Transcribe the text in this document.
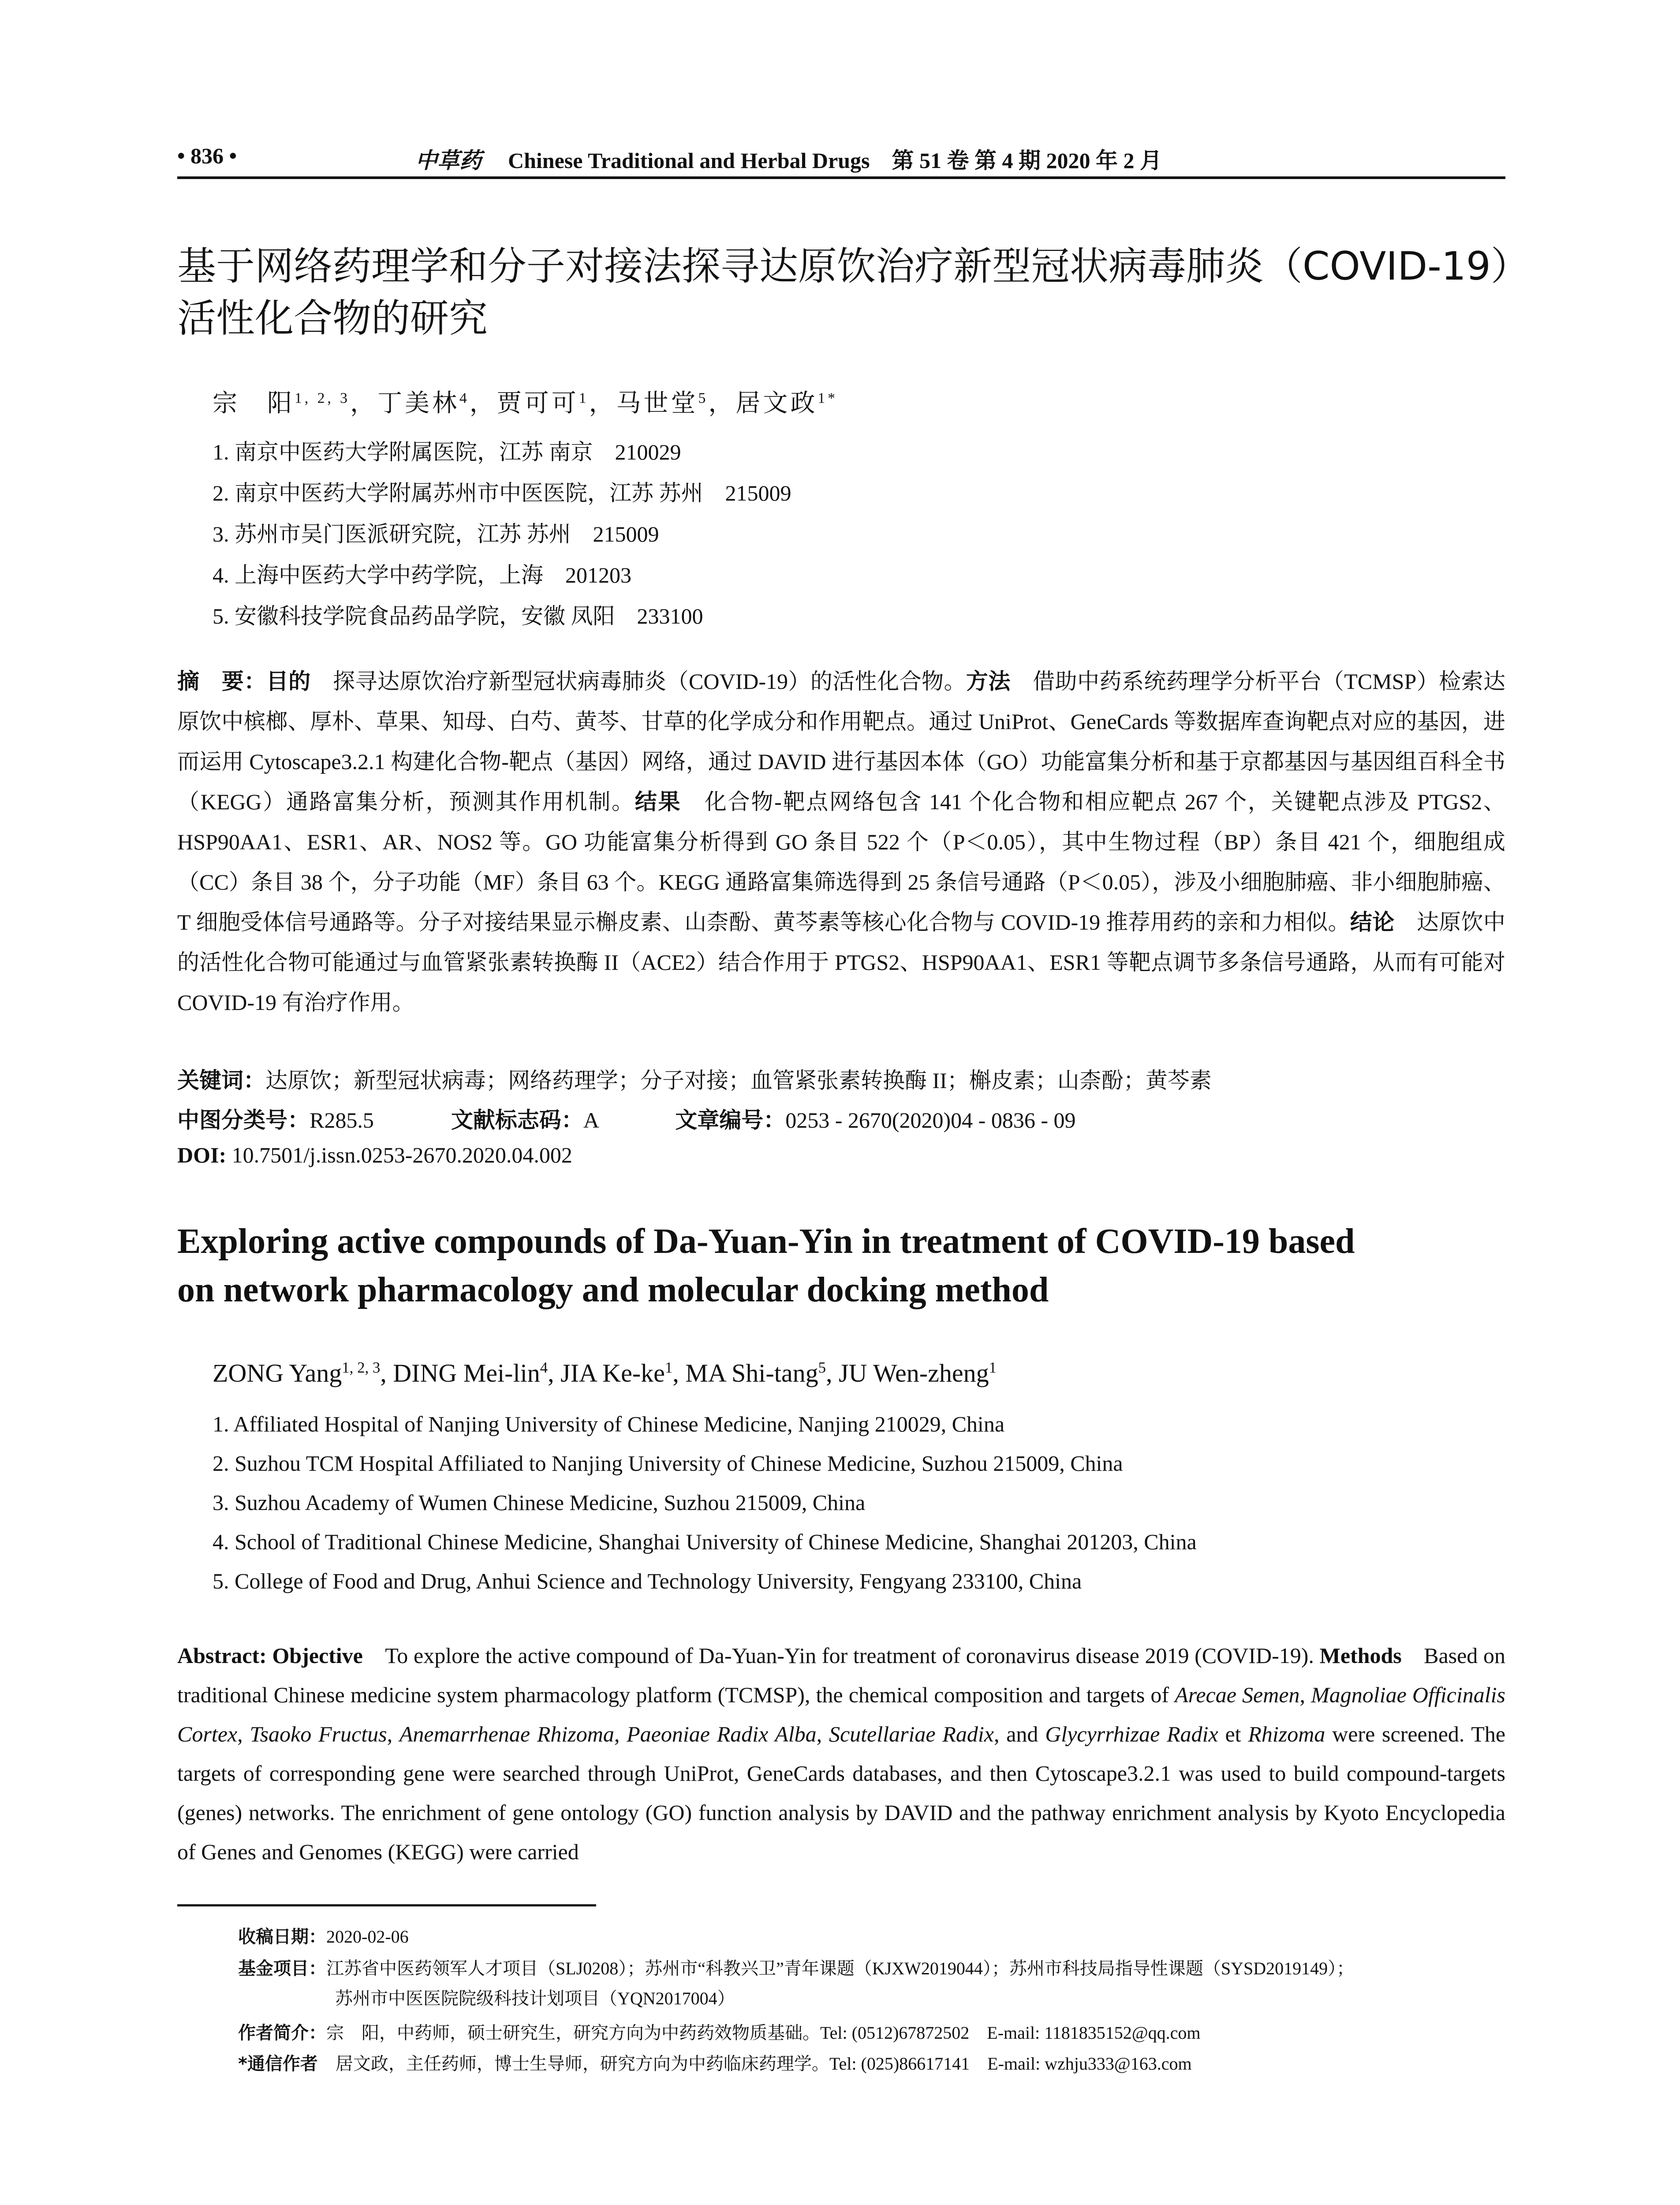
• 836 •	中草药 Chinese Traditional and Herbal Drugs　 第 51 卷 第 4 期 2020 年 2 月
基于网络药理学和分子对接法探寻达原饮治疗新型冠状病毒肺炎（COVID-19）
活性化合物的研究
宗　阳$^{1, 2, 3}$，丁美林$^4$，贾可可$^1$，马世堂$^5$，居文政$^{1*}$
1. 南京中医药大学附属医院，江苏 南京　210029
2. 南京中医药大学附属苏州市中医医院，江苏 苏州　215009
3. 苏州市吴门医派研究院，江苏 苏州　215009
4. 上海中医药大学中药学院，上海　201203
5. 安徽科技学院食品药品学院，安徽 凤阳　233100
摘　要：目的　探寻达原饮治疗新型冠状病毒肺炎（COVID-19）的活性化合物。方法　借助中药系统药理学分析平台（TCMSP）检索达原饮中槟榔、厚朴、草果、知母、白芍、黄芩、甘草的化学成分和作用靶点。通过 UniProt、GeneCards 等数据库查询靶点对应的基因，进而运用 Cytoscape3.2.1 构建化合物-靶点（基因）网络，通过 DAVID 进行基因本体（GO）功能富集分析和基于京都基因与基因组百科全书（KEGG）通路富集分析，预测其作用机制。结果　化合物-靶点网络包含 141 个化合物和相应靶点 267 个，关键靶点涉及 PTGS2、HSP90AA1、ESR1、AR、NOS2 等。GO 功能富集分析得到 GO 条目 522 个（P＜0.05），其中生物过程（BP）条目 421 个，细胞组成（CC）条目 38 个，分子功能（MF）条目 63 个。KEGG 通路富集筛选得到 25 条信号通路（P＜0.05），涉及小细胞肺癌、非小细胞肺癌、T 细胞受体信号通路等。分子对接结果显示槲皮素、山柰酚、黄芩素等核心化合物与 COVID-19 推荐用药的亲和力相似。结论　达原饮中的活性化合物可能通过与血管紧张素转换酶 II（ACE2）结合作用于 PTGS2、HSP90AA1、ESR1 等靶点调节多条信号通路，从而有可能对 COVID-19 有治疗作用。
关键词：达原饮；新型冠状病毒；网络药理学；分子对接；血管紧张素转换酶 II；槲皮素；山柰酚；黄芩素
中图分类号：R285.5	文献标志码：A	文章编号：0253 - 2670(2020)04 - 0836 - 09
DOI: 10.7501/j.issn.0253-2670.2020.04.002
Exploring active compounds of Da-Yuan-Yin in treatment of COVID-19 based
on network pharmacology and molecular docking method
ZONG Yang$^{1, 2, 3}$, DING Mei-lin$^4$, JIA $Ke-ke^1$, MA Shi-tang$^5$, JU Wen-zheng$^1$
1. Affiliated Hospital of Nanjing University of Chinese Medicine, Nanjing 210029, China
2. Suzhou TCM Hospital Affiliated to Nanjing University of Chinese Medicine, Suzhou 215009, China
3. Suzhou Academy of Wumen Chinese Medicine, Suzhou 215009, China
4. School of Traditional Chinese Medicine, Shanghai University of Chinese Medicine, Shanghai 201203, China
5. College of Food and Drug, Anhui Science and Technology University, Fengyang 233100, China
Abstract: Objective　To explore the active compound of Da-Yuan-Yin for treatment of coronavirus disease 2019 (COVID-19). Methods　Based on traditional Chinese medicine system pharmacology platform (TCMSP), the chemical composition and targets of Arecae Semen, Magnoliae Officinalis Cortex, Tsaoko Fructus, Anemarrhenae Rhizoma, Paeoniae Radix Alba, Scutellariae Radix, and Glycyrrhizae Radix et Rhizoma were screened. The targets of corresponding gene were searched through UniProt, GeneCards databases, and then Cytoscape3.2.1 was used to build compound-targets (genes) networks. The enrichment of gene ontology (GO) function analysis by DAVID and the pathway enrichment analysis by Kyoto Encyclopedia of Genes and Genomes (KEGG) were carried
收稿日期：2020-02-06
基金项目：江苏省中医药领军人才项目（SLJ0208）；苏州市“科教兴卫”青年课题（KJXW2019044）；苏州市科技局指导性课题（SYSD2019149）；
苏州市中医医院院级科技计划项目（YQN2017004）
作者简介：宗　阳，中药师，硕士研究生，研究方向为中药药效物质基础。Tel: (0512)67872502　E-mail: 1181835152@qq.com
*通信作者　居文政，主任药师，博士生导师，研究方向为中药临床药理学。Tel: (025)86617141　E-mail: wzhju333@163.com
